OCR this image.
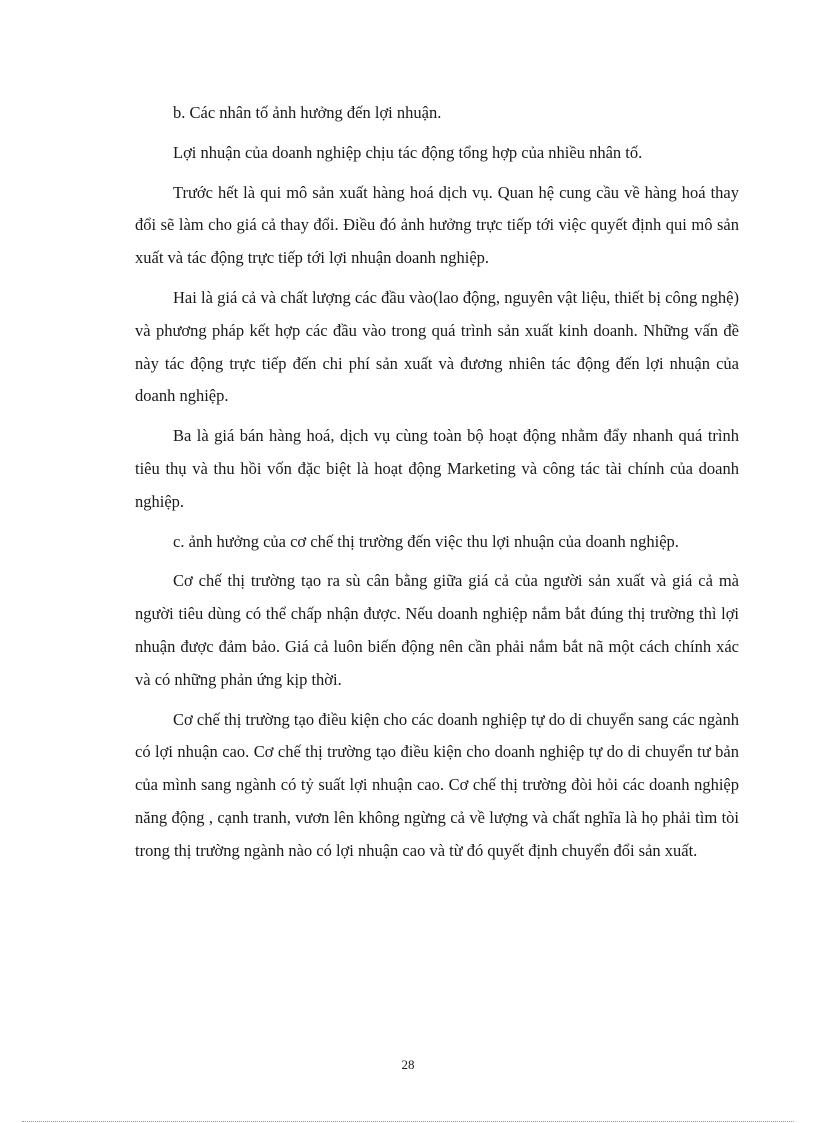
b. Các nhân tố ảnh hưởng đến lợi nhuận.

Lợi nhuận của doanh nghiệp chịu tác động tổng hợp của nhiều nhân tố.

Trước hết là qui mô sản xuất hàng hoá dịch vụ. Quan hệ cung cầu về hàng hoá thay đổi sẽ làm cho giá cả thay đổi. Điều đó ảnh hưởng trực tiếp tới việc quyết định qui mô sản xuất và tác động trực tiếp tới lợi nhuận doanh nghiệp.

Hai là giá cả và chất lượng các đầu vào(lao động, nguyên vật liệu, thiết bị công nghệ) và phương pháp kết hợp các đầu vào trong quá trình sản xuất kinh doanh. Những vấn đề này tác động trực tiếp đến chi phí sản xuất và đương nhiên tác động đến lợi nhuận của doanh nghiệp.

Ba là giá bán hàng hoá, dịch vụ cùng toàn bộ hoạt động nhằm đẩy nhanh quá trình tiêu thụ và thu hồi vốn đặc biệt là hoạt động Marketing và công tác tài chính của doanh nghiệp.

c. ảnh hưởng của cơ chế thị trường đến việc thu lợi nhuận của doanh nghiệp.

Cơ chế thị trường tạo ra sù cân bằng giữa giá cả của người sản xuất và giá cả mà người tiêu dùng có thể chấp nhận được. Nếu doanh nghiệp nắm bắt đúng thị trường thì lợi nhuận được đảm bảo. Giá cả luôn biến động nên cần phải nắm bắt nã một cách chính xác và có những phản ứng kịp thời.

Cơ chế thị trường tạo điều kiện cho các doanh nghiệp tự do di chuyển sang các ngành có lợi nhuận cao. Cơ chế thị trường tạo điều kiện cho doanh nghiệp tự do di chuyển tư bản của mình sang ngành có tỷ suất lợi nhuận cao. Cơ chế thị trường đòi hỏi các doanh nghiệp năng động , cạnh tranh, vươn lên không ngừng cả về lượng và chất nghĩa là họ phải tìm tòi trong thị trường ngành nào có lợi nhuận cao và từ đó quyết định chuyển đổi sản xuất.

28
